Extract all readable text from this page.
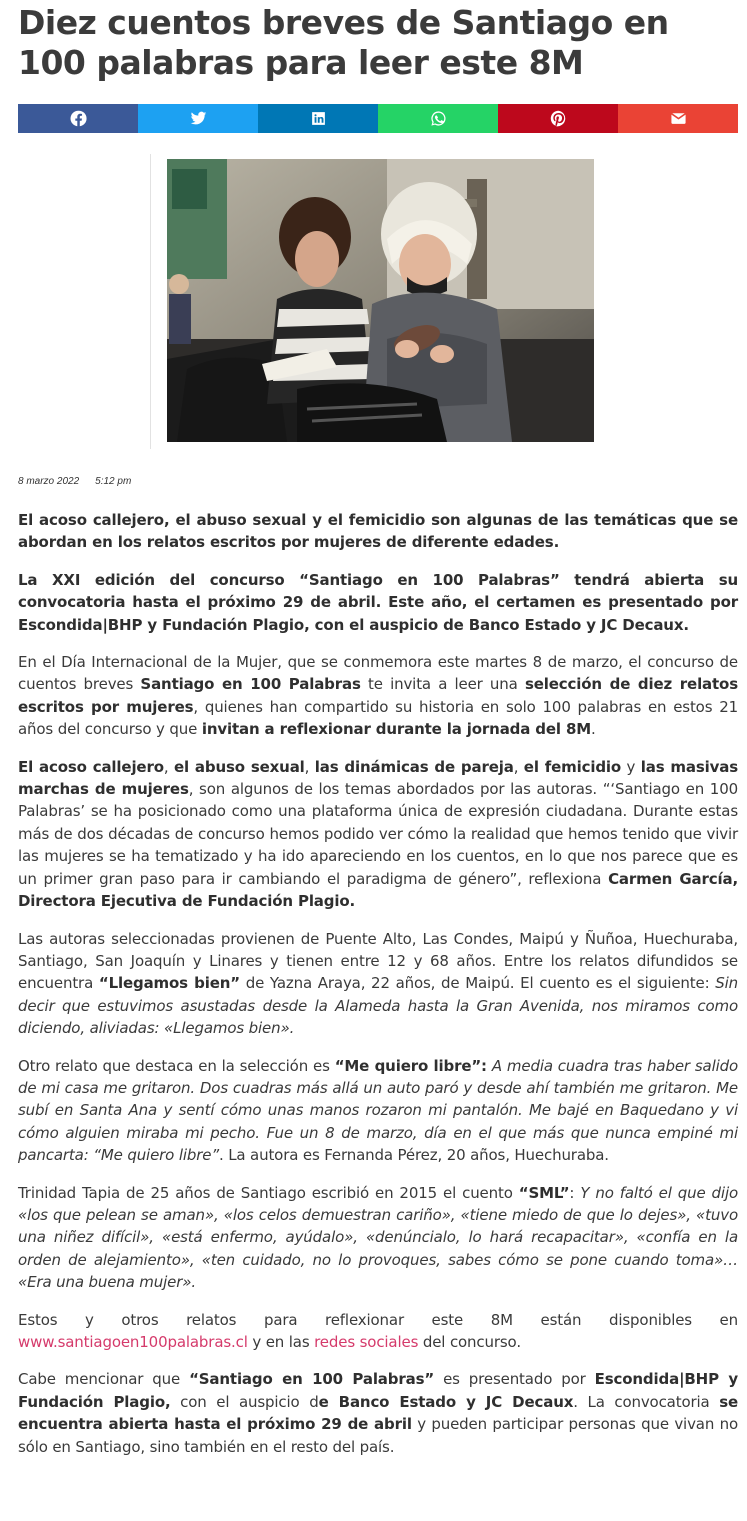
Diez cuentos breves de Santiago en 100 palabras para leer este 8M
8 marzo 2022 5:12 pm

El acoso callejero, el abuso sexual y el femicidio son algunas de las temáticas que se abordan en los relatos escritos por mujeres de diferente edades.

La XXI edición del concurso “Santiago en 100 Palabras” tendrá abierta su convocatoria hasta el próximo 29 de abril. Este año, el certamen es presentado por Escondida|BHP y Fundación Plagio, con el auspicio de Banco Estado y JC Decaux.

En el Día Internacional de la Mujer, que se conmemora este martes 8 de marzo, el concurso de cuentos breves Santiago en 100 Palabras te invita a leer una selección de diez relatos escritos por mujeres, quienes han compartido su historia en solo 100 palabras en estos 21 años del concurso y que invitan a reflexionar durante la jornada del 8M.

El acoso callejero, el abuso sexual, las dinámicas de pareja, el femicidio y las masivas marchas de mujeres, son algunos de los temas abordados por las autoras. “‘Santiago en 100 Palabras’ se ha posicionado como una plataforma única de expresión ciudadana. Durante estas más de dos décadas de concurso hemos podido ver cómo la realidad que hemos tenido que vivir las mujeres se ha tematizado y ha ido apareciendo en los cuentos, en lo que nos parece que es un primer gran paso para ir cambiando el paradigma de género”, reflexiona Carmen García, Directora Ejecutiva de Fundación Plagio.

Las autoras seleccionadas provienen de Puente Alto, Las Condes, Maipú y Ñuñoa, Huechuraba, Santiago, San Joaquín y Linares y tienen entre 12 y 68 años. Entre los relatos difundidos se encuentra “Llegamos bien” de Yazna Araya, 22 años, de Maipú. El cuento es el siguiente: Sin decir que estuvimos asustadas desde la Alameda hasta la Gran Avenida, nos miramos como diciendo, aliviadas: «Llegamos bien».

Otro relato que destaca en la selección es “Me quiero libre”: A media cuadra tras haber salido de mi casa me gritaron. Dos cuadras más allá un auto paró y desde ahí también me gritaron. Me subí en Santa Ana y sentí cómo unas manos rozaron mi pantalón. Me bajé en Baquedano y vi cómo alguien miraba mi pecho. Fue un 8 de marzo, día en el que más que nunca empiné mi pancarta: “Me quiero libre”. La autora es Fernanda Pérez, 20 años, Huechuraba.

Trinidad Tapia de 25 años de Santiago escribió en 2015 el cuento “SML”: Y no faltó el que dijo «los que pelean se aman», «los celos demuestran cariño», «tiene miedo de que lo dejes», «tuvo una niñez difícil», «está enfermo, ayúdalo», «denúncialo, lo hará recapacitar», «confía en la orden de alejamiento», «ten cuidado, no lo provoques, sabes cómo se pone cuando toma»… «Era una buena mujer».

Estos y otros relatos para reflexionar este 8M están disponibles en www.santiagoen100palabras.cl y en las redes sociales del concurso.

Cabe mencionar que “Santiago en 100 Palabras” es presentado por Escondida|BHP y Fundación Plagio, con el auspicio de Banco Estado y JC Decaux. La convocatoria se encuentra abierta hasta el próximo 29 de abril y pueden participar personas que vivan no sólo en Santiago, sino también en el resto del país.
